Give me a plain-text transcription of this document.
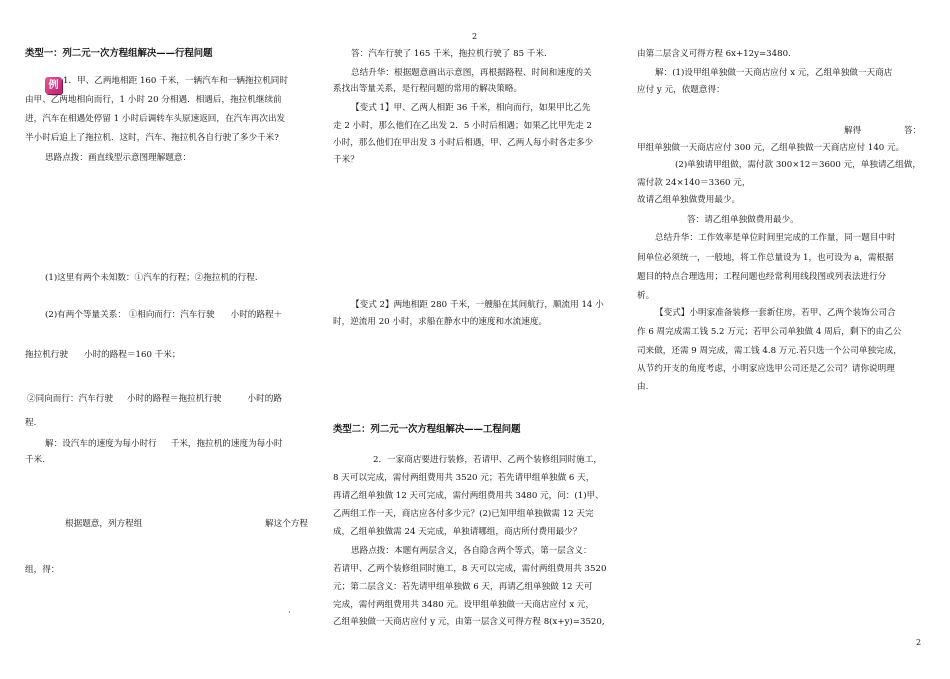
2
2

类型一：列二元一次方程组解决——行程问题

例 1．甲、乙两地相距 160 千米，一辆汽车和一辆拖拉机同时

由甲、乙两地相向而行，1 小时 20 分相遇．相遇后，拖拉机继续前

进，汽车在相遇处停留 1 小时后调转车头原速返回，在汽车再次出发

半小时后追上了拖拉机．这时，汽车、拖拉机各自行驶了多少千米?

思路点拨：画直线型示意图理解题意：

(1)这里有两个未知数：①汽车的行程；②拖拉机的行程.

(2)有两个等量关系： ①相向而行：汽车行驶 小时的路程＋

拖拉机行驶 小时的路程＝160 千米；

②同向而行：汽车行驶 小时的路程＝拖拉机行驶	小时的路

程.

解：设汽车的速度为每小时行 千米，拖拉机的速度为每小时

千米.

根据题意，列方程组	解这个方程

组，得：

·

答：汽车行驶了 165 千米，拖拉机行驶了 85 千米.

总结升华：根据题意画出示意图，再根据路程、时间和速度的关

系找出等量关系，是行程问题的常用的解决策略。

【变式 1】甲、乙两人相距 36 千米，相向而行，如果甲比乙先

走 2 小时，那么他们在乙出发 2．5 小时后相遇；如果乙比甲先走 2

小时，那么他们在甲出发 3 小时后相遇，甲、乙两人每小时各走多少

千米？

【变式 2】两地相距 280 千米，一艘船在其间航行，顺流用 14 小

时，逆流用 20 小时，求船在静水中的速度和水流速度。

类型二：列二元一次方程组解决——工程问题

2．一家商店要进行装修，若请甲、乙两个装修组同时施工，

8 天可以完成，需付两组费用共 3520 元；若先请甲组单独做 6 天，

再请乙组单独做 12 天可完成，需付两组费用共 3480 元，问：(1)甲、

乙两组工作一天，商店应各付多少元？(2)已知甲组单独做需 12 天完

成，乙组单独做需 24 天完成，单独请哪组，商店所付费用最少？

思路点拨：本题有两层含义，各自隐含两个等式，第一层含义：

若请甲、乙两个装修组同时施工，8 天可以完成，需付两组费用共 3520

元；第二层含义：若先请甲组单独做 6 天，再请乙组单独做 12 天可

完成，需付两组费用共 3480 元。设甲组单独做一天商店应付 x 元，

乙组单独做一天商店应付 y 元，由第一层含义可得方程 8(x+y)=3520,

由第二层含义可得方程 6x+12y=3480.

解：(1)设甲组单独做一天商店应付 x 元，乙组单独做一天商店

应付 y 元，依题意得：

解得	答：

甲组单独做一天商店应付 300 元，乙组单独做一天商店应付 140 元。

(2)单独请甲组做，需付款 300×12＝3600 元，单独请乙组做，

需付款 24×140＝3360 元，

故请乙组单独做费用最少。

答：请乙组单独做费用最少。

总结升华：工作效率是单位时间里完成的工作量，同一题目中时

间单位必须统一，一般地，将工作总量设为 1，也可设为 a，需根据

题目的特点合理选用；工程问题也经常利用线段图或列表法进行分

析。

【变式】小明家准备装修一套新住房，若甲、乙两个装饰公司合

作 6 周完成需工钱 5.2 万元；若甲公司单独做 4 周后，剩下的由乙公

司来做，还需 9 周完成，需工钱 4.8 万元.若只选一个公司单独完成，

从节约开支的角度考虑，小明家应选甲公司还是乙公司？请你说明理

由.
